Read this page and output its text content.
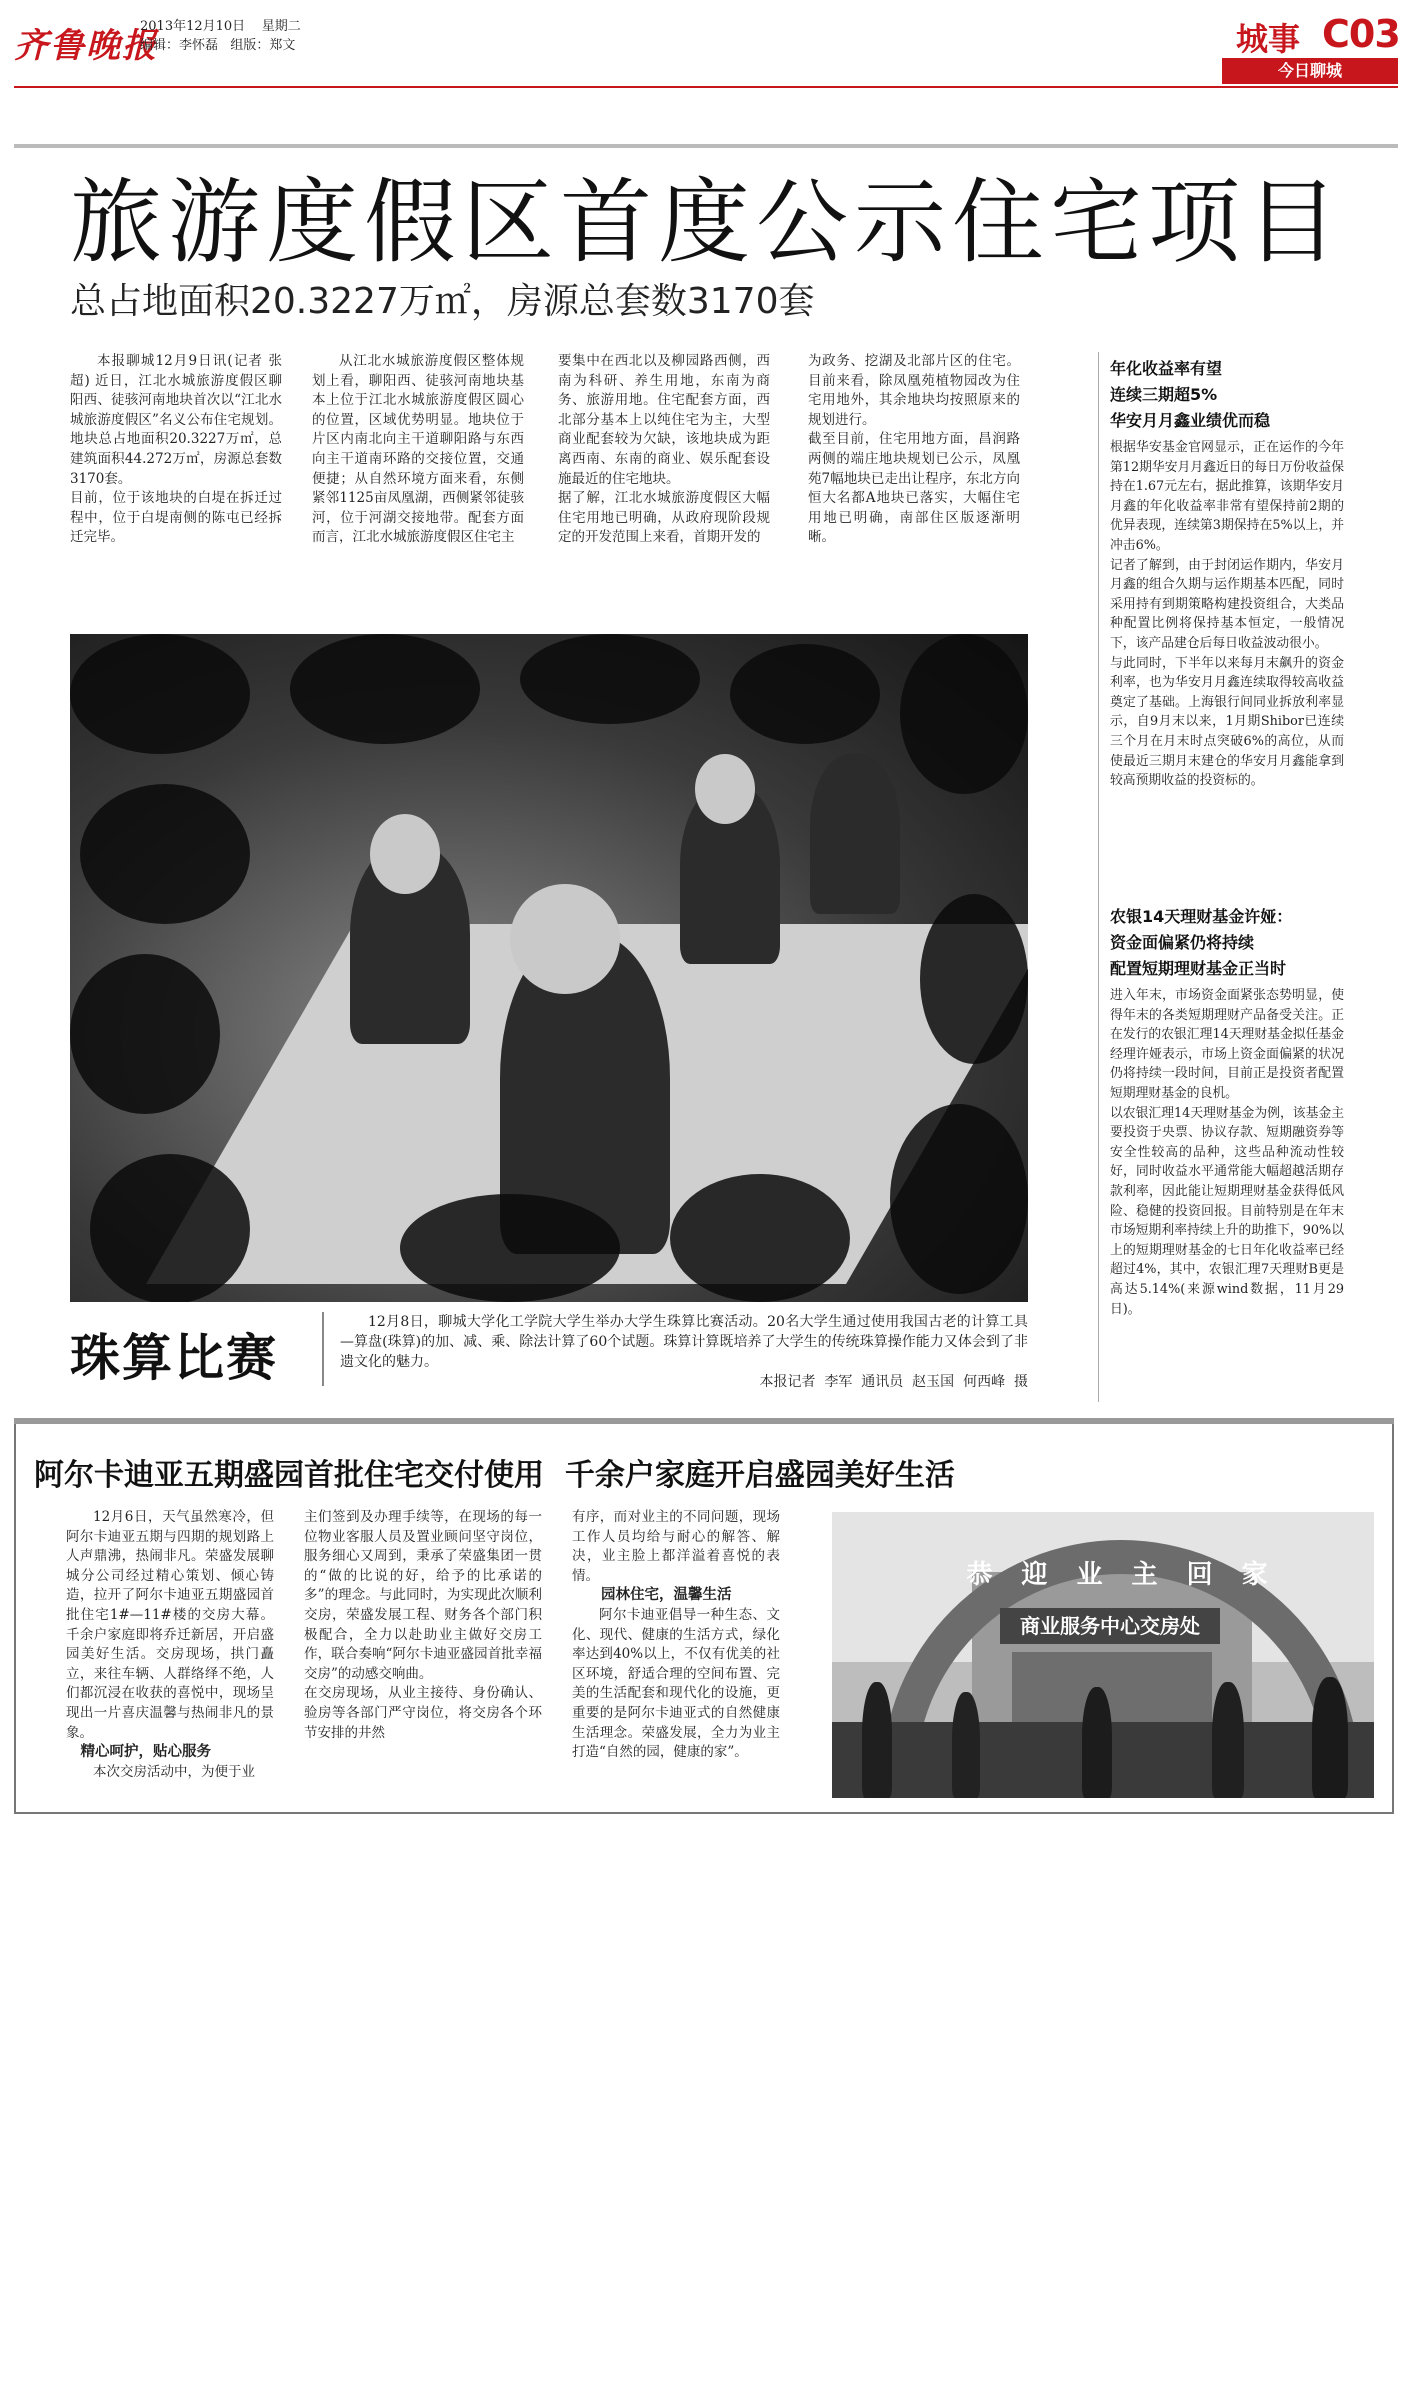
齐鲁晚报
2013年12月10日 星期二
编辑：李怀磊 组版：郑文	城事 C03
今日聊城
旅游度假区首度公示住宅项目
总占地面积20.3227万㎡，房源总套数3170套
本报聊城12月9日讯(记者 张超) 近日，江北水城旅游度假区聊阳西、徒骇河南地块首次以“江北水城旅游度假区”名义公布住宅规划。地块总占地面积20.3227万㎡，总建筑面积44.272万㎡，房源总套数3170套。
目前，位于该地块的白堤在拆迁过程中，位于白堤南侧的陈屯已经拆迁完毕。
从江北水城旅游度假区整体规划上看，聊阳西、徒骇河南地块基本上位于江北水城旅游度假区圆心的位置，区域优势明显。地块位于片区内南北向主干道聊阳路与东西向主干道南环路的交接位置，交通便捷；从自然环境方面来看，东侧紧邻1125亩凤凰湖，西侧紧邻徒骇河，位于河湖交接地带。配套方面而言，江北水城旅游度假区住宅主
要集中在西北以及柳园路西侧，西南为科研、养生用地，东南为商务、旅游用地。住宅配套方面，西北部分基本上以纯住宅为主，大型商业配套较为欠缺，该地块成为距离西南、东南的商业、娱乐配套设施最近的住宅地块。
据了解，江北水城旅游度假区大幅住宅用地已明确，从政府现阶段规定的开发范围上来看，首期开发的
为政务、挖湖及北部片区的住宅。目前来看，除凤凰苑植物园改为住宅用地外，其余地块均按照原来的规划进行。
截至目前，住宅用地方面，昌润路两侧的端庄地块规划已公示，凤凰苑7幅地块已走出让程序，东北方向恒大名都A地块已落实，大幅住宅用地已明确，南部住区版逐渐明晰。
年化收益率有望
连续三期超5%
华安月月鑫业绩优而稳
根据华安基金官网显示，正在运作的今年第12期华安月月鑫近日的每日万份收益保持在1.67元左右，据此推算，该期华安月月鑫的年化收益率非常有望保持前2期的优异表现，连续第3期保持在5%以上，并冲击6%。
记者了解到，由于封闭运作期内，华安月月鑫的组合久期与运作期基本匹配，同时采用持有到期策略构建投资组合，大类品种配置比例将保持基本恒定，一般情况下，该产品建仓后每日收益波动很小。
与此同时，下半年以来每月末飙升的资金利率，也为华安月月鑫连续取得较高收益奠定了基础。上海银行间同业拆放利率显示，自9月末以来，1月期Shibor已连续三个月在月末时点突破6%的高位，从而使最近三期月末建仓的华安月月鑫能拿到较高预期收益的投资标的。
农银14天理财基金许娅：
资金面偏紧仍将持续
配置短期理财基金正当时
进入年末，市场资金面紧张态势明显，使得年末的各类短期理财产品备受关注。正在发行的农银汇理14天理财基金拟任基金经理许娅表示，市场上资金面偏紧的状况仍将持续一段时间，目前正是投资者配置短期理财基金的良机。
以农银汇理14天理财基金为例，该基金主要投资于央票、协议存款、短期融资券等安全性较高的品种，这些品种流动性较好，同时收益水平通常能大幅超越活期存款利率，因此能让短期理财基金获得低风险、稳健的投资回报。目前特别是在年末市场短期利率持续上升的助推下，90%以上的短期理财基金的七日年化收益率已经超过4%，其中，农银汇理7天理财B更是高达5.14%(来源wind数据，11月29日)。
珠算比赛
12月8日，聊城大学化工学院大学生举办大学生珠算比赛活动。20名大学生通过使用我国古老的计算工具—算盘(珠算)的加、减、乘、除法计算了60个试题。珠算计算既培养了大学生的传统珠算操作能力又体会到了非遗文化的魅力。
本报记者  李军  通讯员  赵玉国  何西峰  摄
阿尔卡迪亚五期盛园首批住宅交付使用  千余户家庭开启盛园美好生活
12月6日，天气虽然寒冷，但阿尔卡迪亚五期与四期的规划路上人声鼎沸，热闹非凡。荣盛发展聊城分公司经过精心策划、倾心铸造，拉开了阿尔卡迪亚五期盛园首批住宅1#—11#楼的交房大幕。千余户家庭即将乔迁新居，开启盛园美好生活。交房现场，拱门矗立，来往车辆、人群络绎不绝，人们都沉浸在收获的喜悦中，现场呈现出一片喜庆温馨与热闹非凡的景象。
精心呵护，贴心服务
本次交房活动中，为便于业
主们签到及办理手续等，在现场的每一位物业客服人员及置业顾问坚守岗位，服务细心又周到，秉承了荣盛集团一贯的“做的比说的好，给予的比承诺的多”的理念。与此同时，为实现此次顺利交房，荣盛发展工程、财务各个部门积极配合，全力以赴助业主做好交房工作，联合奏响“阿尔卡迪亚盛园首批幸福交房”的动感交响曲。
在交房现场，从业主接待、身份确认、验房等各部门严守岗位，将交房各个环节安排的井然
有序，而对业主的不同问题，现场工作人员均给与耐心的解答、解决，业主脸上都洋溢着喜悦的表情。
园林住宅，温馨生活
阿尔卡迪亚倡导一种生态、文化、现代、健康的生活方式，绿化率达到40%以上，不仅有优美的社区环境，舒适合理的空间布置、完美的生活配套和现代化的设施，更重要的是阿尔卡迪亚式的自然健康生活理念。荣盛发展，全力为业主打造“自然的园，健康的家”。
恭 迎 业 主 回 家
商业服务中心交房处
